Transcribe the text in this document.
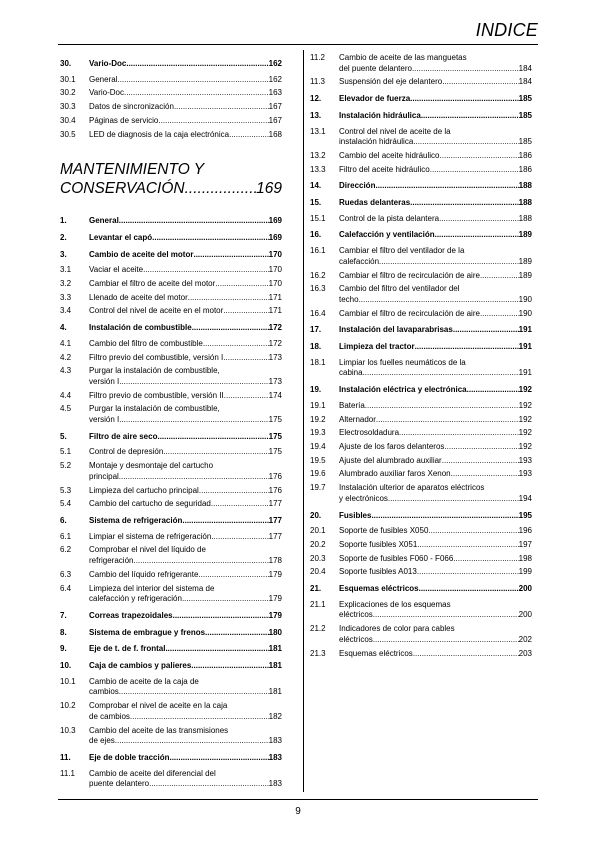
INDICE
30.	Vario-Doc .....	162
30.1	General .....	162
30.2	Vario-Doc .....	163
30.3	Datos de sincronización .....	167
30.4	Páginas de servicio .....	167
30.5	LED de diagnosis de la caja electrónica .....	168
MANTENIMIENTO Y
CONSERVACIÓN .....	169
1.	General .....	169
2.	Levantar el capó .....	169
3.	Cambio de aceite del motor .....	170
3.1	Vaciar el aceite .....	170
3.2	Cambiar el filtro de aceite del motor .....	170
3.3	Llenado de aceite del motor .....	171
3.4	Control del nivel de aceite en el motor .....	171
4.	Instalación de combustible .....	172
4.1	Cambio del filtro de combustible .....	172
4.2	Filtro previo del combustible, versión I .....	173
4.3	Purgar la instalación de combustible,
versión I .....	173
4.4	Filtro previo de combustible, versión II .....	174
4.5	Purgar la instalación de combustible,
versión I .....	175
5.	Filtro de aire seco .....	175
5.1	Control de depresión .....	175
5.2	Montaje y desmontaje del cartucho
principal .....	176
5.3	Limpieza del cartucho principal .....	176
5.4	Cambio del cartucho de seguridad .....	177
6.	Sistema de refrigeración .....	177
6.1	Limpiar el sistema de refrigeración .....	177
6.2	Comprobar el nivel del líquido de
refrigeración .....	178
6.3	Cambio del líquido refrigerante .....	179
6.4	Limpieza del interior del sistema de
calefacción y refrigeración .....	179
7.	Correas trapezoidales .....	179
8.	Sistema de embrague y frenos .....	180
9.	Eje de t. de f. frontal .....	181
10.	Caja de cambios y palieres .....	181
10.1	Cambio de aceite de la caja de
cambios .....	181
10.2	Comprobar el nivel de aceite en la caja
de cambios .....	182
10.3	Cambio del aceite de las transmisiones
de ejes .....	183
11.	Eje de doble tracción .....	183
11.1	Cambio de aceite del diferencial del
puente delantero .....	183
11.2	Cambio de aceite de las manguetas
del puente delantero .....	184
11.3	Suspensión del eje delantero .....	184
12.	Elevador de fuerza .....	185
13.	Instalación hidráulica .....	185
13.1	Control del nivel de aceite de la
instalación hidráulica .....	185
13.2	Cambio del aceite hidráulico .....	186
13.3	Filtro del aceite hidráulico .....	186
14.	Dirección .....	188
15.	Ruedas delanteras .....	188
15.1	Control de la pista delantera .....	188
16.	Calefacción y ventilación .....	189
16.1	Cambiar el filtro del ventilador de la
calefacción .....	189
16.2	Cambiar el filtro de recirculación de aire .....	189
16.3	Cambio del filtro del ventilador del
techo .....	190
16.4	Cambiar el filtro de recirculación de aire .....	190
17.	Instalación del lavaparabrisas .....	191
18.	Limpieza del tractor .....	191
18.1	Limpiar los fuelles neumáticos de la
cabina .....	191
19.	Instalación eléctrica y electrónica .....	192
19.1	Batería .....	192
19.2	Alternador .....	192
19.3	Electrosoldadura .....	192
19.4	Ajuste de los faros delanteros .....	192
19.5	Ajuste del alumbrado auxiliar .....	193
19.6	Alumbrado auxiliar faros Xenon .....	193
19.7	Instalación ulterior de aparatos eléctricos
y electrónicos .....	194
20.	Fusibles .....	195
20.1	Soporte de fusibles X050 .....	196
20.2	Soporte fusibles X051 .....	197
20.3	Soporte de fusibles F060 - F066 .....	198
20.4	Soporte fusibles A013 .....	199
21.	Esquemas eléctricos .....	200
21.1	Explicaciones de los esquemas
eléctricos .....	200
21.2	Indicadores de color para cables
eléctricos .....	202
21.3	Esquemas eléctricos .....	203
9
